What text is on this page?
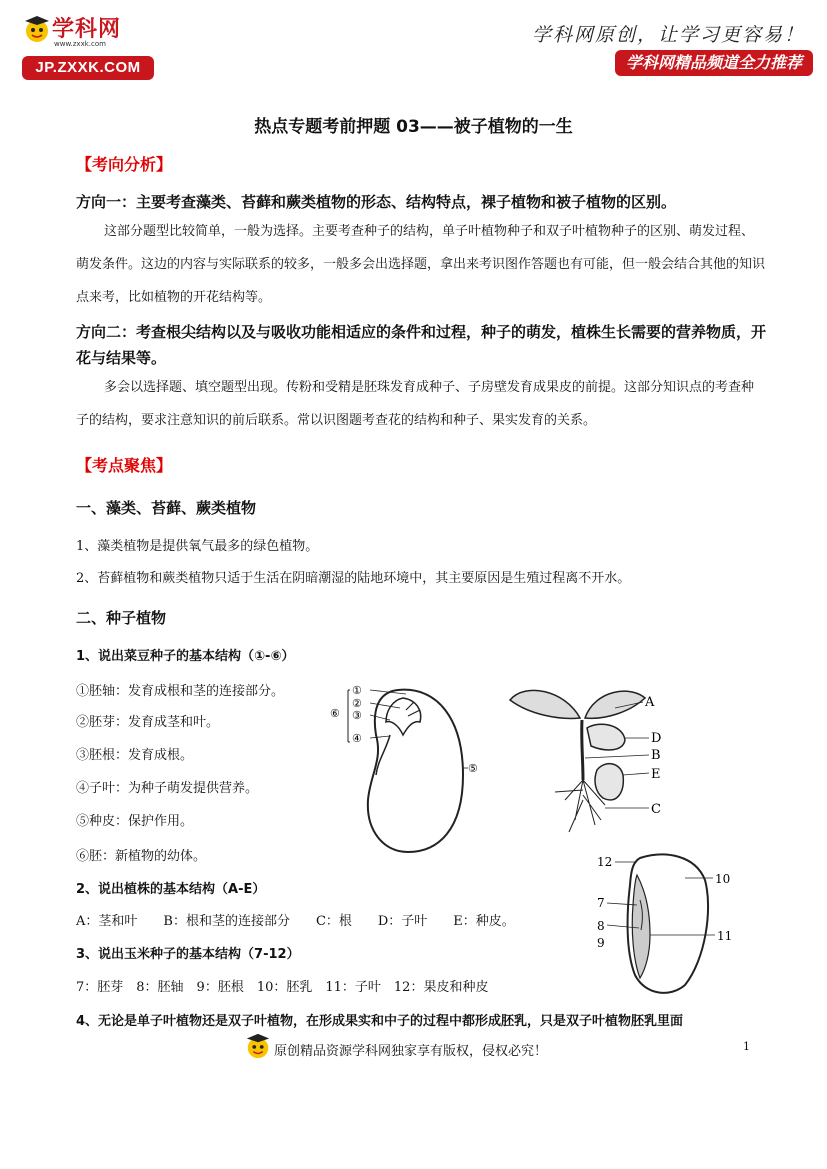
学科网
www.zxxk.com
JP.ZXXK.COM
学科网原创，让学习更容易！
学科网精品频道全力推荐
热点专题考前押题 03——被子植物的一生
【考向分析】
方向一：主要考查藻类、苔藓和蕨类植物的形态、结构特点，裸子植物和被子植物的区别。
这部分题型比较简单，一般为选择。主要考查种子的结构，单子叶植物种子和双子叶植物种子的区别、萌发过程、萌发条件。这边的内容与实际联系的较多，一般多会出选择题，拿出来考识图作答题也有可能，但一般会结合其他的知识点来考，比如植物的开花结构等。
方向二：考查根尖结构以及与吸收功能相适应的条件和过程，种子的萌发，植株生长需要的营养物质，开花与结果等。
多会以选择题、填空题型出现。传粉和受精是胚珠发育成种子、子房壁发育成果皮的前提。这部分知识点的考查种子的结构，要求注意知识的前后联系。常以识图题考查花的结构和种子、果实发育的关系。
【考点聚焦】
一、藻类、苔藓、蕨类植物
1、藻类植物是提供氧气最多的绿色植物。
2、苔藓植物和蕨类植物只适于生活在阴暗潮湿的陆地环境中，其主要原因是生殖过程离不开水。
二、种子植物
1、说出菜豆种子的基本结构（①-⑥）
①胚轴：发育成根和茎的连接部分。
②胚芽：发育成茎和叶。
③胚根：发育成根。
④子叶：为种子萌发提供营养。
⑤种皮：保护作用。
⑥胚：新植物的幼体。
2、说出植株的基本结构（A-E）
A：茎和叶　　B：根和茎的连接部分　　C：根　　D：子叶　　E：种皮。
3、说出玉米种子的基本结构（7-12）
7：胚芽　8：胚轴　9：胚根　10：胚乳　11：子叶　12：果皮和种皮
4、无论是单子叶植物还是双子叶植物，在形成果实和中子的过程中都形成胚乳，只是双子叶植物胚乳里面
①
②
③
⑥
④
⑤
A
D
B
E
C
12
10
7
8
9	11
原创精品资源学科网独家享有版权，侵权必究！	1
